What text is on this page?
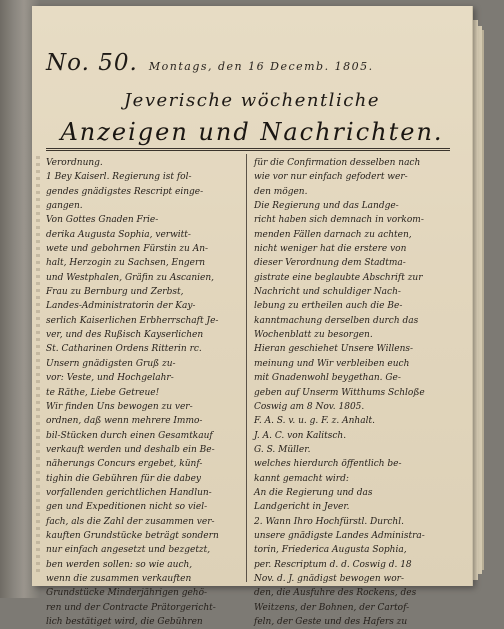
No. 50. Montags, den 16 Decemb. 1805.
Jeverische wöchentliche
Anzeigen und Nachrichten.
Verordnung.
1 Bey Kaiserl. Regierung ist fol-
gendes gnädigstes Rescript einge-
gangen.
Von Gottes Gnaden Frie-
derika Augusta Sophia, verwitt-
wete und gebohrnen Fürstin zu An-
halt, Herzogin zu Sachsen, Engern
und Westphalen, Gräfin zu Ascanien,
Frau zu Bernburg und Zerbst,
Landes-Administratorin der Kay-
serlich Kaiserlichen Erbherrschaft Je-
ver, und des Rußisch Kayserlichen
St. Catharinen Ordens Ritterin rc.
Unsern gnädigsten Gruß zu-
vor: Veste, und Hochgelahr-
te Räthe, Liebe Getreue!
Wir finden Uns bewogen zu ver-
ordnen, daß wenn mehrere Immo-
bil-Stücken durch einen Gesamtkauf
verkauft werden und deshalb ein Be-
näherungs Concurs ergebet, künf-
tighin die Gebühren für die dabey
vorfallenden gerichtlichen Handlun-
gen und Expeditionen nicht so viel-
fach, als die Zahl der zusammen ver-
kauften Grundstücke beträgt sondern
nur einfach angesetzt und bezgetzt,
ben werden sollen: so wie auch,
wenn die zusammen verkauften
Grundstücke Minderjährigen gehö-
ren und der Contracte Prätorgericht-
lich bestätiget wird, die Gebühren
für die Confirmation desselben nach
wie vor nur einfach gefodert wer-
den mögen.
Die Regierung und das Landge-
richt haben sich demnach in vorkom-
menden Fällen darnach zu achten,
nicht weniger hat die erstere von
dieser Verordnung dem Stadtma-
gistrate eine beglaubte Abschrift zur
Nachricht und schuldiger Nach-
lebung zu ertheilen auch die Be-
kanntmachung derselben durch das
Wochenblatt zu besorgen.
Hieran geschiehet Unsere Willens-
meinung und Wir verbleiben euch
mit Gnadenwohl beygethan. Ge-
geben auf Unserm Witthums Schloße
Coswig am 8 Nov. 1805.
F. A. S. v. u. g. F. z. Anhalt.
J. A. C. von Kalitsch.
G. S. Müller.
welches hierdurch öffentlich be-
kannt gemacht wird:
An die Regierung und das
Landgericht in Jever.
2. Wann Ihro Hochfürstl. Durchl.
unsere gnädigste Landes Administra-
torin, Friederica Augusta Sophia,
per. Rescriptum d. d. Coswig d. 18
Nov. d. J. gnädigst bewogen wor-
den, die Ausfuhre des Rockens, des
Weitzens, der Bohnen, der Cartof-
feln, der Geste und des Hafers zu
